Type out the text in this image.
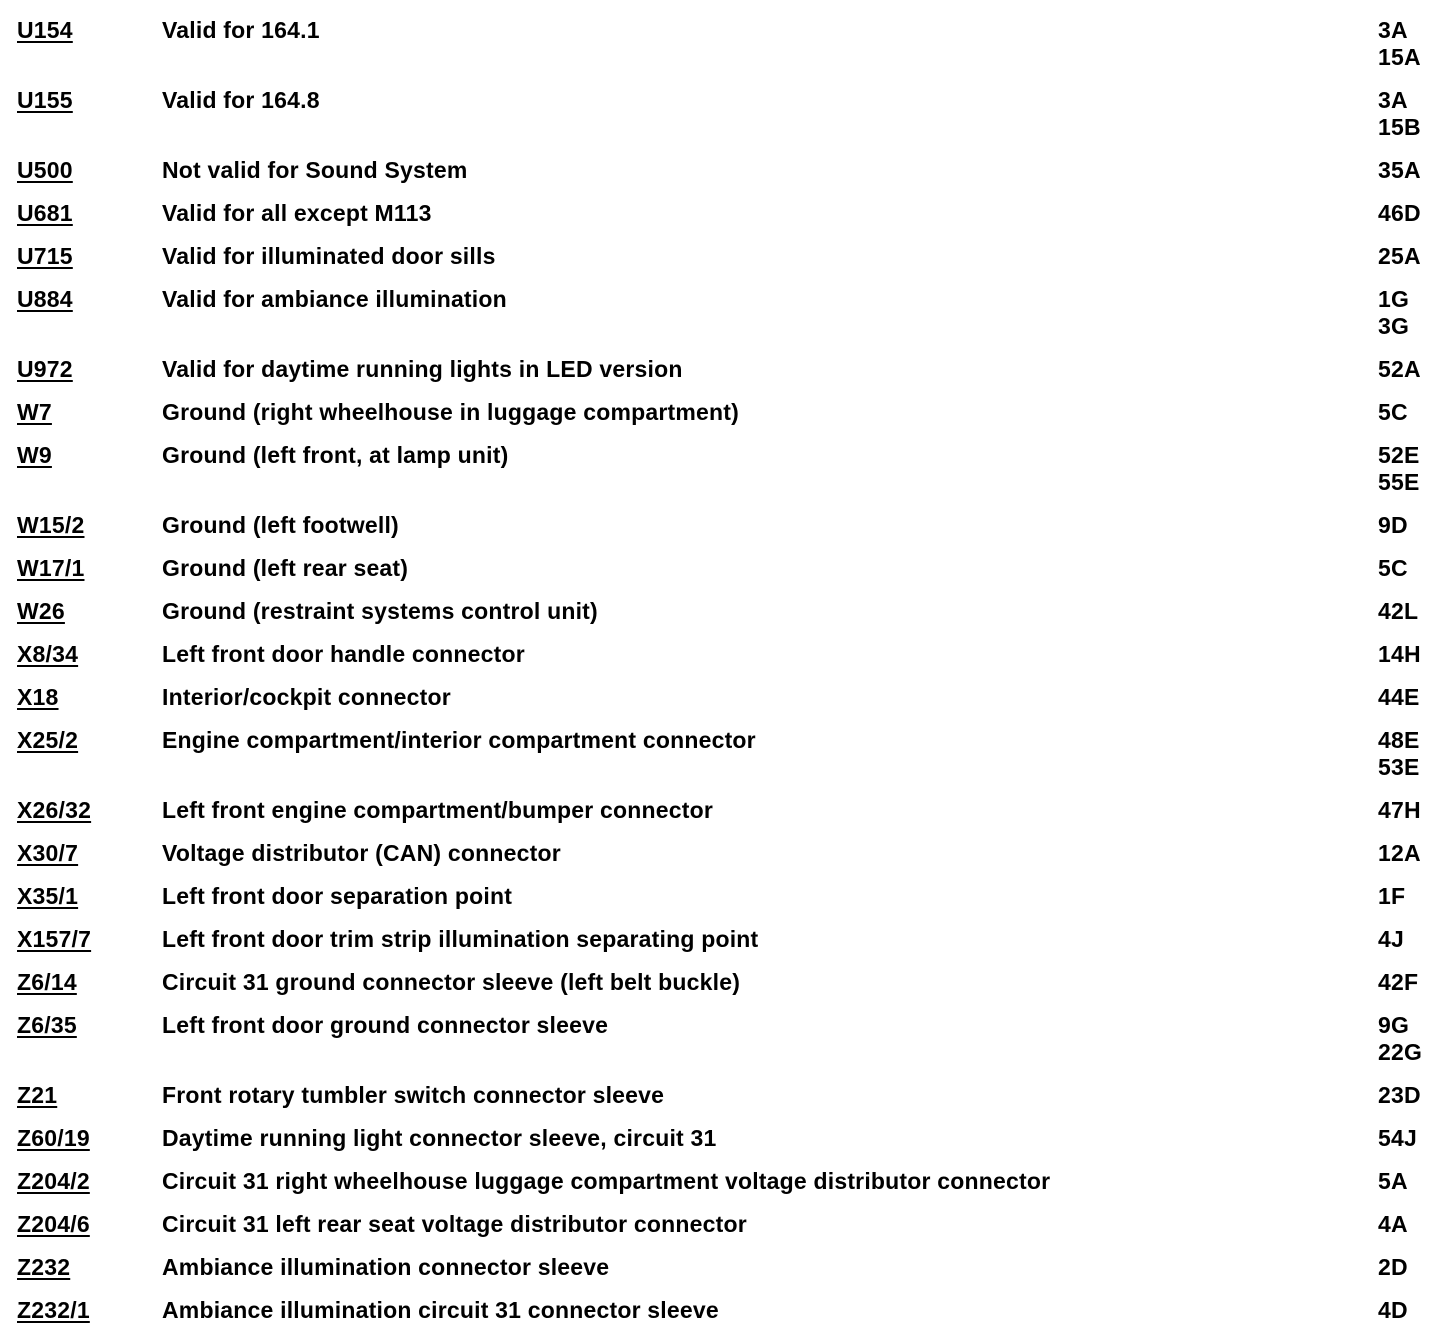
U154	Valid for 164.1	3A
15A
U155	Valid for 164.8	3A
15B
U500	Not valid for Sound System	35A
U681	Valid for all except M113	46D
U715	Valid for illuminated door sills	25A
U884	Valid for ambiance illumination	1G
3G
U972	Valid for daytime running lights in LED version	52A
W7	Ground (right wheelhouse in luggage compartment)	5C
W9	Ground (left front, at lamp unit)	52E
55E
W15/2	Ground (left footwell)	9D
W17/1	Ground (left rear seat)	5C
W26	Ground (restraint systems control unit)	42L
X8/34	Left front door handle connector	14H
X18	Interior/cockpit connector	44E
X25/2	Engine compartment/interior compartment connector	48E
53E
X26/32	Left front engine compartment/bumper connector	47H
X30/7	Voltage distributor (CAN) connector	12A
X35/1	Left front door separation point	1F
X157/7	Left front door trim strip illumination separating point	4J
Z6/14	Circuit 31 ground connector sleeve (left belt buckle)	42F
Z6/35	Left front door ground connector sleeve	9G
22G
Z21	Front rotary tumbler switch connector sleeve	23D
Z60/19	Daytime running light connector sleeve, circuit 31	54J
Z204/2	Circuit 31 right wheelhouse luggage compartment voltage distributor connector	5A
Z204/6	Circuit 31 left rear seat voltage distributor connector	4A
Z232	Ambiance illumination connector sleeve	2D
Z232/1	Ambiance illumination circuit 31 connector sleeve	4D
